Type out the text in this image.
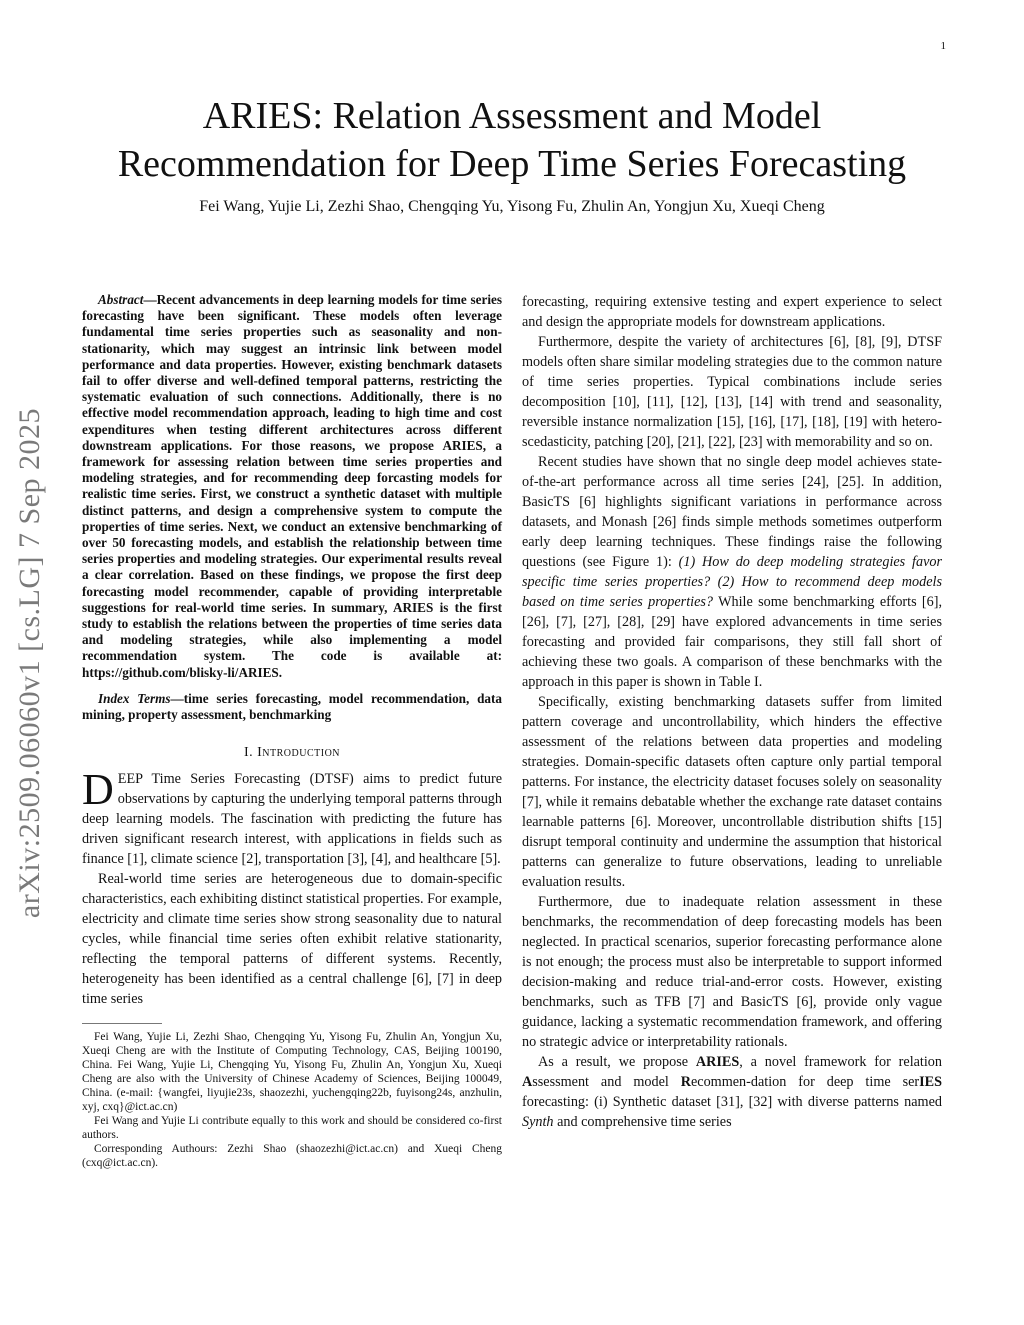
1
arXiv:2509.06060v1 [cs.LG] 7 Sep 2025
ARIES: Relation Assessment and Model
Recommendation for Deep Time Series Forecasting
Fei Wang, Yujie Li, Zezhi Shao, Chengqing Yu, Yisong Fu, Zhulin An, Yongjun Xu, Xueqi Cheng

Abstract—Recent advancements in deep learning models for time series forecasting have been significant. These models often leverage fundamental time series properties such as seasonality and non-stationarity, which may suggest an intrinsic link between model performance and data properties. However, existing benchmark datasets fail to offer diverse and well-defined temporal patterns, restricting the systematic evaluation of such connections. Additionally, there is no effective model recommendation approach, leading to high time and cost expenditures when testing different architectures across different downstream applications. For those reasons, we propose ARIES, a framework for assessing relation between time series properties and modeling strategies, and for recommending deep forcasting models for realistic time series. First, we construct a synthetic dataset with multiple distinct patterns, and design a comprehensive system to compute the properties of time series. Next, we conduct an extensive benchmarking of over 50 forecasting models, and establish the relationship between time series properties and modeling strategies. Our experimental results reveal a clear correlation. Based on these findings, we propose the first deep forecasting model recommender, capable of providing interpretable suggestions for real-world time series. In summary, ARIES is the first study to establish the relations between the properties of time series data and modeling strategies, while also implementing a model recommendation system. The code is available at: https://github.com/blisky-li/ARIES.

Index Terms—time series forecasting, model recommendation, data mining, property assessment, benchmarking

I. Introduction

DEEP Time Series Forecasting (DTSF) aims to predict future observations by capturing the underlying temporal patterns through deep learning models. The fascination with predicting the future has driven significant research interest, with applications in fields such as finance [1], climate science [2], transportation [3], [4], and healthcare [5].

Real-world time series are heterogeneous due to domain-specific characteristics, each exhibiting distinct statistical properties. For example, electricity and climate time series show strong seasonality due to natural cycles, while financial time series often exhibit relative stationarity, reflecting the temporal patterns of different systems. Recently, heterogeneity has been identified as a central challenge [6], [7] in deep time series

Fei Wang, Yujie Li, Zezhi Shao, Chengqing Yu, Yisong Fu, Zhulin An, Yongjun Xu, Xueqi Cheng are with the Institute of Computing Technology, CAS, Beijing 100190, China. Fei Wang, Yujie Li, Chengqing Yu, Yisong Fu, Zhulin An, Yongjun Xu, Xueqi Cheng are also with the University of Chinese Academy of Sciences, Beijing 100049, China. (e-mail: {wangfei, liyujie23s, shaozezhi, yuchengqing22b, fuyisong24s, anzhulin, xyj, cxq}@ict.ac.cn)

Fei Wang and Yujie Li contribute equally to this work and should be considered co-first authors.

Corresponding Authours: Zezhi Shao (shaozezhi@ict.ac.cn) and Xueqi Cheng (cxq@ict.ac.cn).

forecasting, requiring extensive testing and expert experience to select and design the appropriate models for downstream applications.

Furthermore, despite the variety of architectures [6], [8], [9], DTSF models often share similar modeling strategies due to the common nature of time series properties. Typical combinations include series decomposition [10], [11], [12], [13], [14] with trend and seasonality, reversible instance normalization [15], [16], [17], [18], [19] with hetero-scedasticity, patching [20], [21], [22], [23] with memorability and so on.

Recent studies have shown that no single deep model achieves state-of-the-art performance across all time series [24], [25]. In addition, BasicTS [6] highlights significant variations in performance across datasets, and Monash [26] finds simple methods sometimes outperform early deep learning techniques. These findings raise the following questions (see Figure 1): (1) How do deep modeling strategies favor specific time series properties? (2) How to recommend deep models based on time series properties? While some benchmarking efforts [6], [26], [7], [27], [28], [29] have explored advancements in time series forecasting and provided fair comparisons, they still fall short of achieving these two goals. A comparison of these benchmarks with the approach in this paper is shown in Table I.

Specifically, existing benchmarking datasets suffer from limited pattern coverage and uncontrollability, which hinders the effective assessment of the relations between data properties and modeling strategies. Domain-specific datasets often capture only partial temporal patterns. For instance, the electricity dataset focuses solely on seasonality [7], while it remains debatable whether the exchange rate dataset contains learnable patterns [6]. Moreover, uncontrollable distribution shifts [15] disrupt temporal continuity and undermine the assumption that historical patterns can generalize to future observations, leading to unreliable evaluation results.

Furthermore, due to inadequate relation assessment in these benchmarks, the recommendation of deep forecasting models has been neglected. In practical scenarios, superior forecasting performance alone is not enough; the process must also be interpretable to support informed decision-making and reduce trial-and-error costs. However, existing benchmarks, such as TFB [7] and BasicTS [6], provide only vague guidance, lacking a systematic recommendation framework, and offering no strategic advice or interpretability rationals.

As a result, we propose ARIES, a novel framework for relation Assessment and model Recommen-dation for deep time serIES forecasting: (i) Synthetic dataset [31], [32] with diverse patterns named Synth and comprehensive time series
